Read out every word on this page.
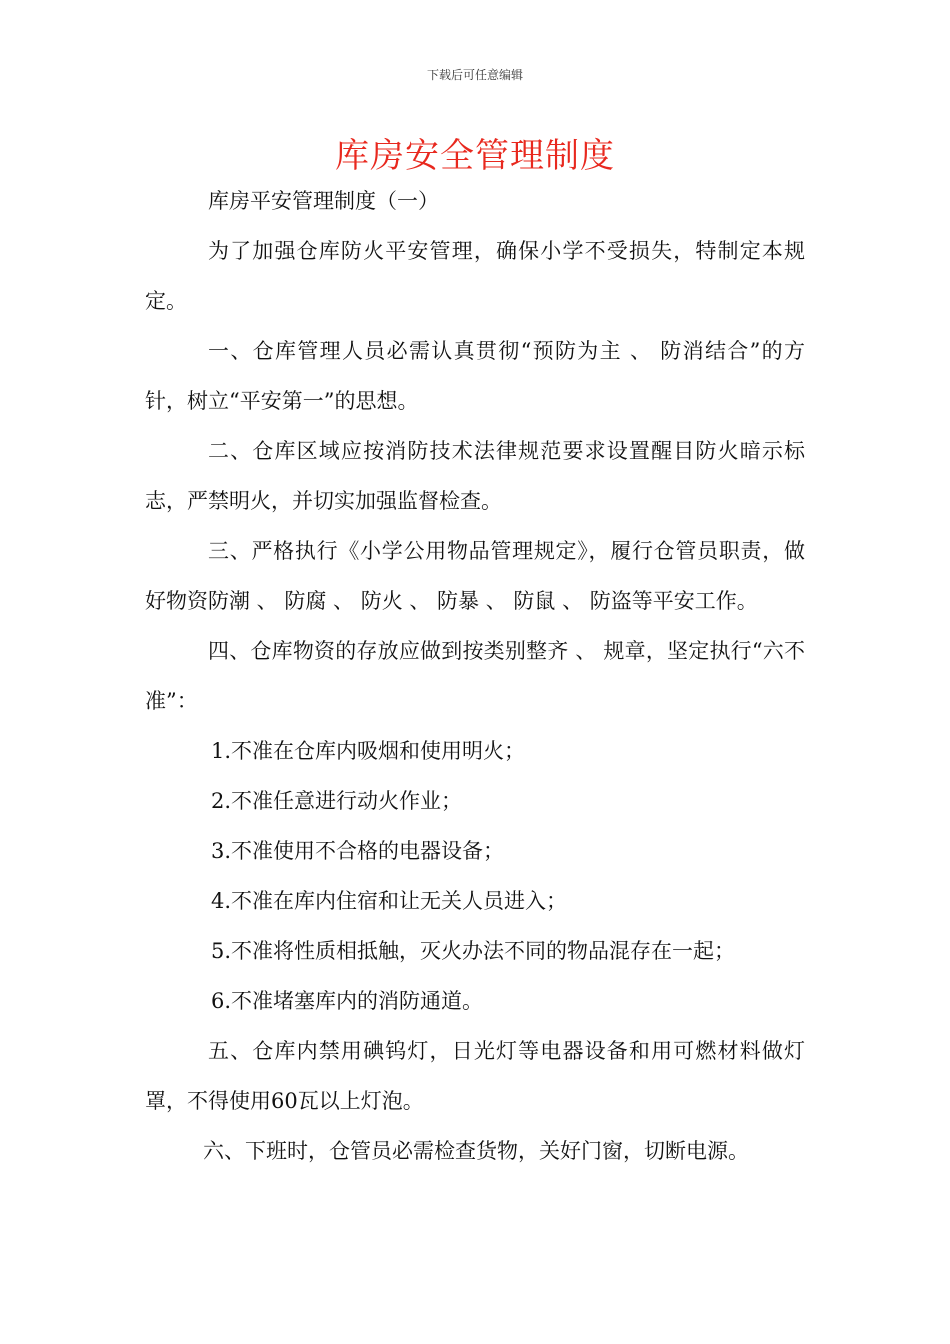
下载后可任意编辑
库房安全管理制度

库房平安管理制度（一）

为了加强仓库防火平安管理，确保小学不受损失，特制定本规定。

一、仓库管理人员必需认真贯彻“预防为主 、 防消结合”的方针，树立“平安第一”的思想。

二、仓库区域应按消防技术法律规范要求设置醒目防火暗示标志，严禁明火，并切实加强监督检查。

三、严格执行《小学公用物品管理规定》，履行仓管员职责，做好物资防潮 、 防腐 、 防火 、 防暴 、 防鼠 、 防盗等平安工作。

四、仓库物资的存放应做到按类别整齐 、 规章，坚定执行“六不准”：

1.不准在仓库内吸烟和使用明火；

2.不准任意进行动火作业；

3.不准使用不合格的电器设备；

4.不准在库内住宿和让无关人员进入；

5.不准将性质相抵触，灭火办法不同的物品混存在一起；

6.不准堵塞库内的消防通道。

五、仓库内禁用碘钨灯，日光灯等电器设备和用可燃材料做灯罩，不得使用60瓦以上灯泡。

六、下班时，仓管员必需检查货物，关好门窗，切断电源。
